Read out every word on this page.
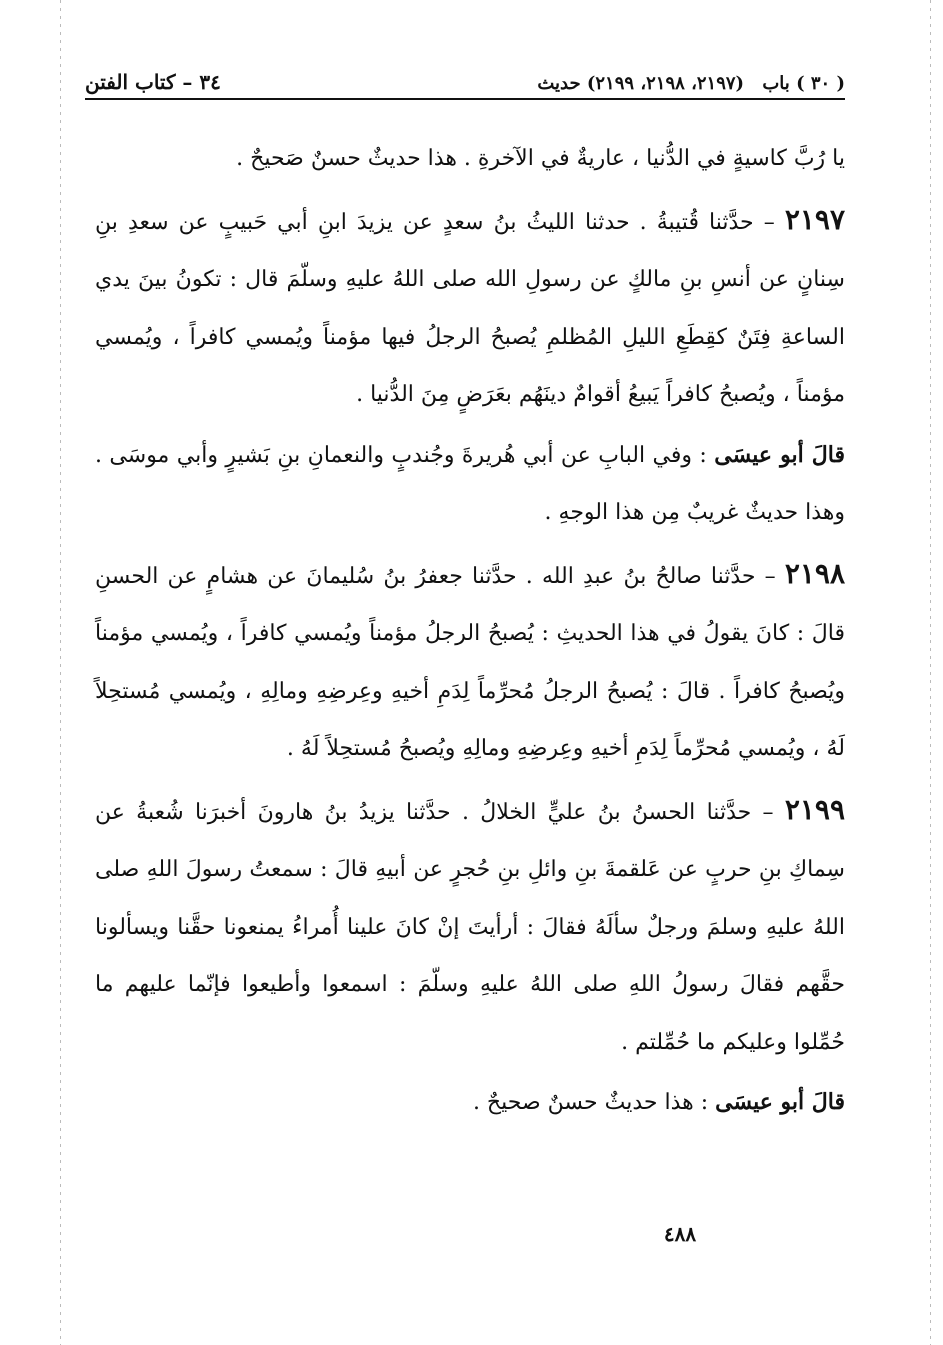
٣٤ – كتاب الفتن	( ٣٠ ) باب (٢١٩٧، ٢١٩٨، ٢١٩٩) حديث

يا رُبَّ كاسيةٍ في الدُّنيا ، عاريةٌ في الآخرةِ . هذا حديثٌ حسنٌ صَحيحٌ .

٢١٩٧ – حدَّثنا قُتيبةُ . حدثنا الليثُ بنُ سعدٍ عن يزيدَ ابنِ أبي حَبيبٍ عن سعدِ بنِ سِنانٍ عن أنسِ بنِ مالكٍ عن رسولِ الله صلى اللهُ عليهِ وسلّمَ قال : تكونُ بينَ يدي الساعةِ فِتَنٌ كقِطَعِ الليلِ المُظلمِ يُصبحُ الرجلُ فيها مؤمناً ويُمسي كافراً ، ويُمسي مؤمناً ، ويُصبحُ كافراً يَبيعُ أقوامٌ دينَهُم بعَرَضٍ مِنَ الدُّنيا .

قالَ أبو عيسَى : وفي البابِ عن أبي هُريرةَ وجُندبٍ والنعمانِ بنِ بَشيرٍ وأبي موسَى . وهذا حديثٌ غريبٌ مِن هذا الوجهِ .

٢١٩٨ – حدَّثنا صالحُ بنُ عبدِ الله . حدَّثنا جعفرُ بنُ سُليمانَ عن هشامٍ عن الحسنِ قالَ : كانَ يقولُ في هذا الحديثِ : يُصبحُ الرجلُ مؤمناً ويُمسي كافراً ، ويُمسي مؤمناً ويُصبحُ كافراً . قالَ : يُصبحُ الرجلُ مُحرِّماً لِدَمِ أخيهِ وعِرضِهِ ومالِهِ ، ويُمسي مُستحِلاً لَهُ ، ويُمسي مُحرِّماً لِدَمِ أخيهِ وعِرضِهِ ومالِهِ ويُصبحُ مُستحِلاً لَهُ .

٢١٩٩ – حدَّثنا الحسنُ بنُ عليٍّ الخلالُ . حدَّثنا يزيدُ بنُ هارونَ أخبرَنا شُعبةُ عن سِماكِ بنِ حربٍ عن عَلقمةَ بنِ وائلِ بنِ حُجرٍ عن أبيهِ قالَ : سمعتُ رسولَ اللهِ صلى اللهُ عليهِ وسلمَ ورجلٌ سألَهُ فقالَ : أرأيتَ إنْ كانَ علينا أُمراءُ يمنعونا حقَّنا ويسألونا حقَّهم فقالَ رسولُ اللهِ صلى اللهُ عليهِ وسلّمَ : اسمعوا وأطيعوا فإنّما عليهم ما حُمِّلوا وعليكم ما حُمِّلتم .

قالَ أبو عيسَى : هذا حديثٌ حسنٌ صحيحٌ .

٤٨٨
